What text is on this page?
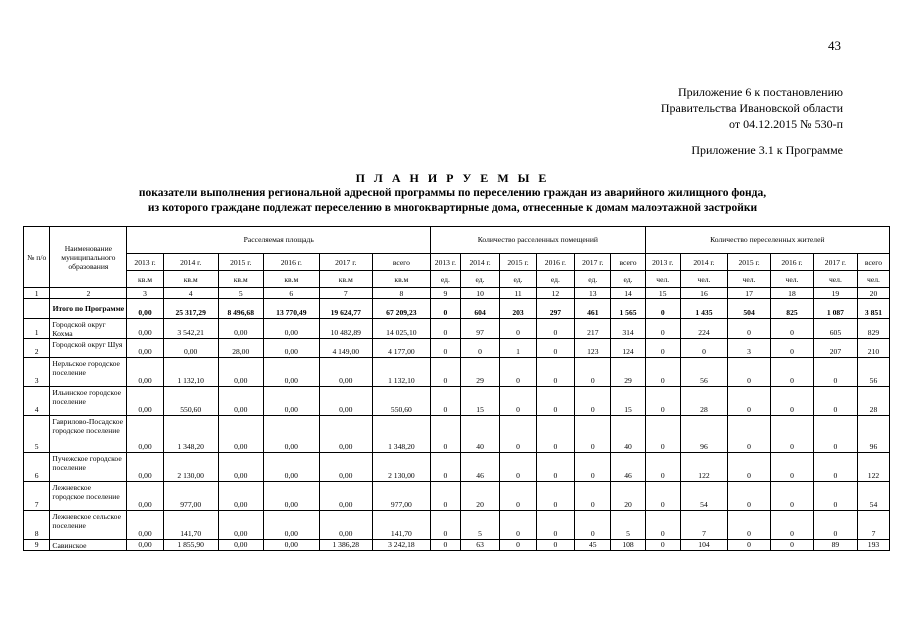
43
Приложение 6 к постановлению
Правительства Ивановской области
от 04.12.2015 № 530-п
Приложение 3.1 к Программе
П Л А Н И Р У Е М Ы Е
показатели выполнения региональной адресной программы по переселению граждан из аварийного жилищного фонда,
из которого граждане подлежат переселению в многоквартирные дома, отнесенные к домам малоэтажной застройки
№ п/о	Наименование муниципального образования	Расселяемая площадь						Количество расселенных помещений						Количество переселенных жителей					
		2013 г.	2014 г.	2015 г.	2016 г.	2017 г.	всего	2013 г.	2014 г.	2015 г.	2016 г.	2017 г.	всего	2013 г.	2014 г.	2015 г.	2016 г.	2017 г.	всего
		кв.м	кв.м	кв.м	кв.м	кв.м	кв.м	ед.	ед.	ед.	ед.	ед.	ед.	чел.	чел.	чел.	чел.	чел.	чел.
1	2	3	4	5	6	7	8	9	10	11	12	13	14	15	16	17	18	19	20
	Итого по Программе	0,00	25 317,29	8 496,68	13 770,49	19 624,77	67 209,23	0	604	203	297	461	1 565	0	1 435	504	825	1 087	3 851
1	Городской округ Кохма	0,00	3 542,21	0,00	0,00	10 482,89	14 025,10	0	97	0	0	217	314	0	224	0	0	605	829
2	Городской округ Шуя	0,00	0,00	28,00	0,00	4 149,00	4 177,00	0	0	1	0	123	124	0	0	3	0	207	210
3	Нерльское городское поселение	0,00	1 132,10	0,00	0,00	0,00	1 132,10	0	29	0	0	0	29	0	56	0	0	0	56
4	Ильинское городское поселение	0,00	550,60	0,00	0,00	0,00	550,60	0	15	0	0	0	15	0	28	0	0	0	28
5	Гаврилово-Посадское городское поселение	0,00	1 348,20	0,00	0,00	0,00	1 348,20	0	40	0	0	0	40	0	96	0	0	0	96
6	Пучежское городское поселение	0,00	2 130,00	0,00	0,00	0,00	2 130,00	0	46	0	0	0	46	0	122	0	0	0	122
7	Лежневское городское поселение	0,00	977,00	0,00	0,00	0,00	977,00	0	20	0	0	0	20	0	54	0	0	0	54
8	Лежневское сельское поселение	0,00	141,70	0,00	0,00	0,00	141,70	0	5	0	0	0	5	0	7	0	0	0	7
9	Савинское	0,00	1 855,90	0,00	0,00	1 386,28	3 242,18	0	63	0	0	45	108	0	104	0	0	89	193
